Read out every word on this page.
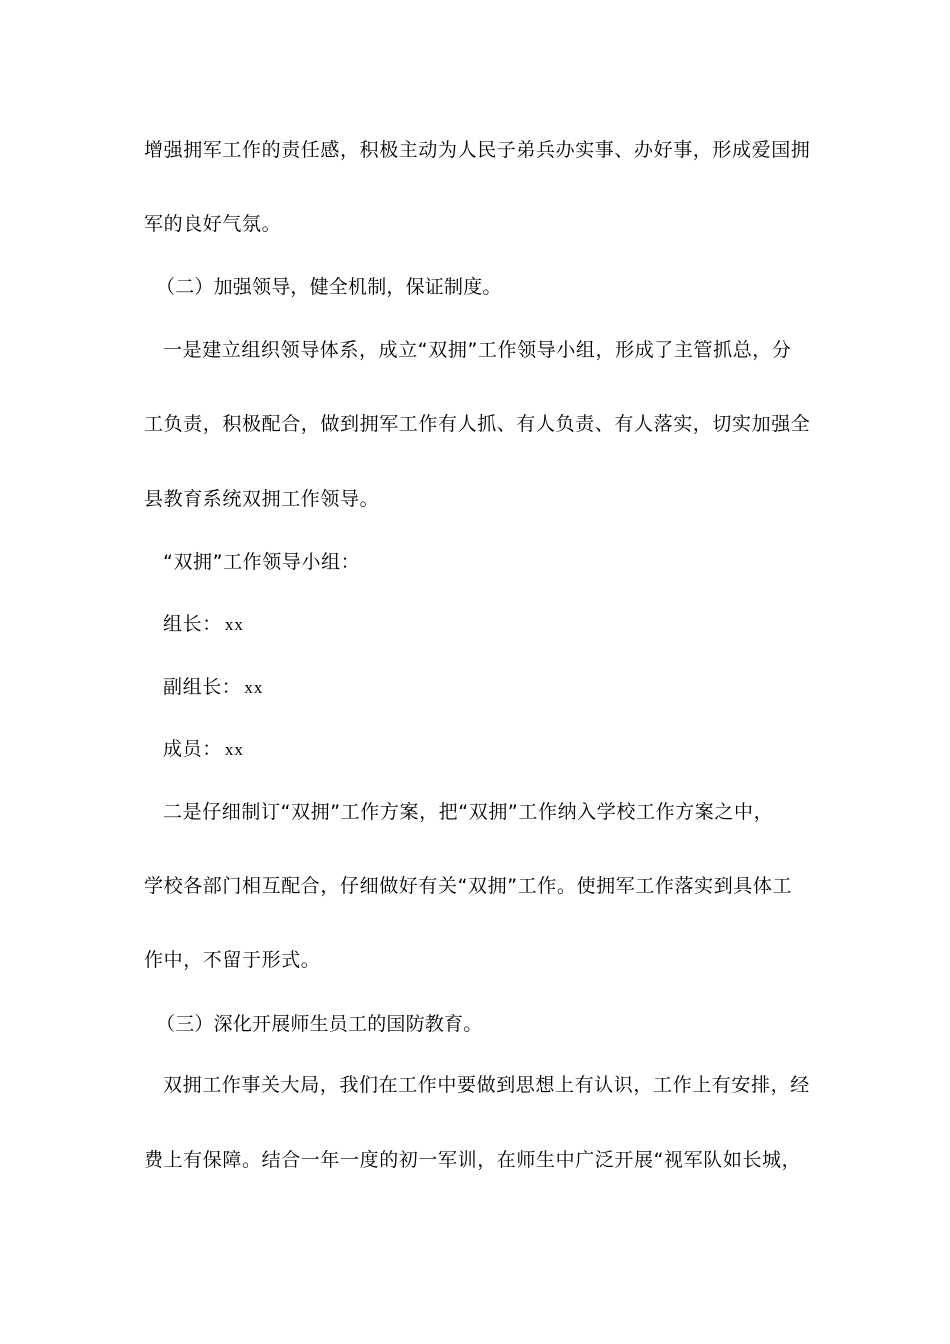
增强拥军工作的责任感，积极主动为人民子弟兵办实事、办好事，形成爱国拥
军的良好气氛。
（二）加强领导，健全机制，保证制度。
一是建立组织领导体系，成立“双拥”工作领导小组，形成了主管抓总，分
工负责，积极配合，做到拥军工作有人抓、有人负责、有人落实，切实加强全
县教育系统双拥工作领导。
“双拥”工作领导小组：
组长： xx
副组长： xx
成员： xx
二是仔细制订“双拥”工作方案，把“双拥”工作纳入学校工作方案之中，
学校各部门相互配合，仔细做好有关“双拥”工作。使拥军工作落实到具体工
作中，不留于形式。
（三）深化开展师生员工的国防教育。
双拥工作事关大局，我们在工作中要做到思想上有认识，工作上有安排，经
费上有保障。结合一年一度的初一军训，在师生中广泛开展“视军队如长城，
